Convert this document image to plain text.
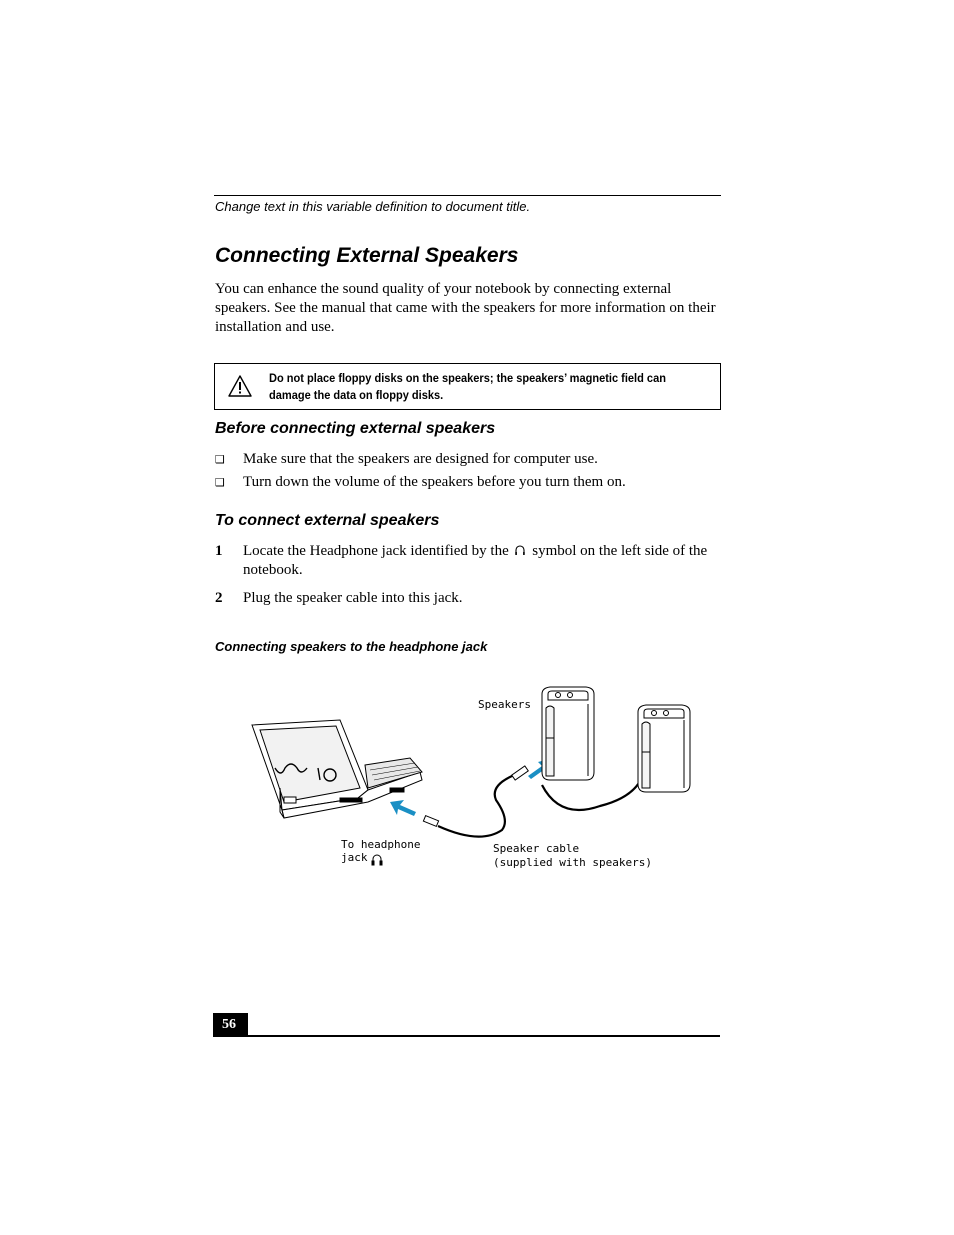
Change text in this variable definition to document title.
Connecting External Speakers
You can enhance the sound quality of your notebook by connecting external speakers. See the manual that came with the speakers for more information on their installation and use.
Do not place floppy disks on the speakers; the speakers’ magnetic field can damage the data on floppy disks.
Before connecting external speakers
❑ Make sure that the speakers are designed for computer use.
❑ Turn down the volume of the speakers before you turn them on.
To connect external speakers
1 Locate the Headphone jack identified by the symbol on the left side of the notebook.
2 Plug the speaker cable into this jack.
Connecting speakers to the headphone jack
Speakers
To headphone
jack
Speaker cable
(supplied with speakers)
56
